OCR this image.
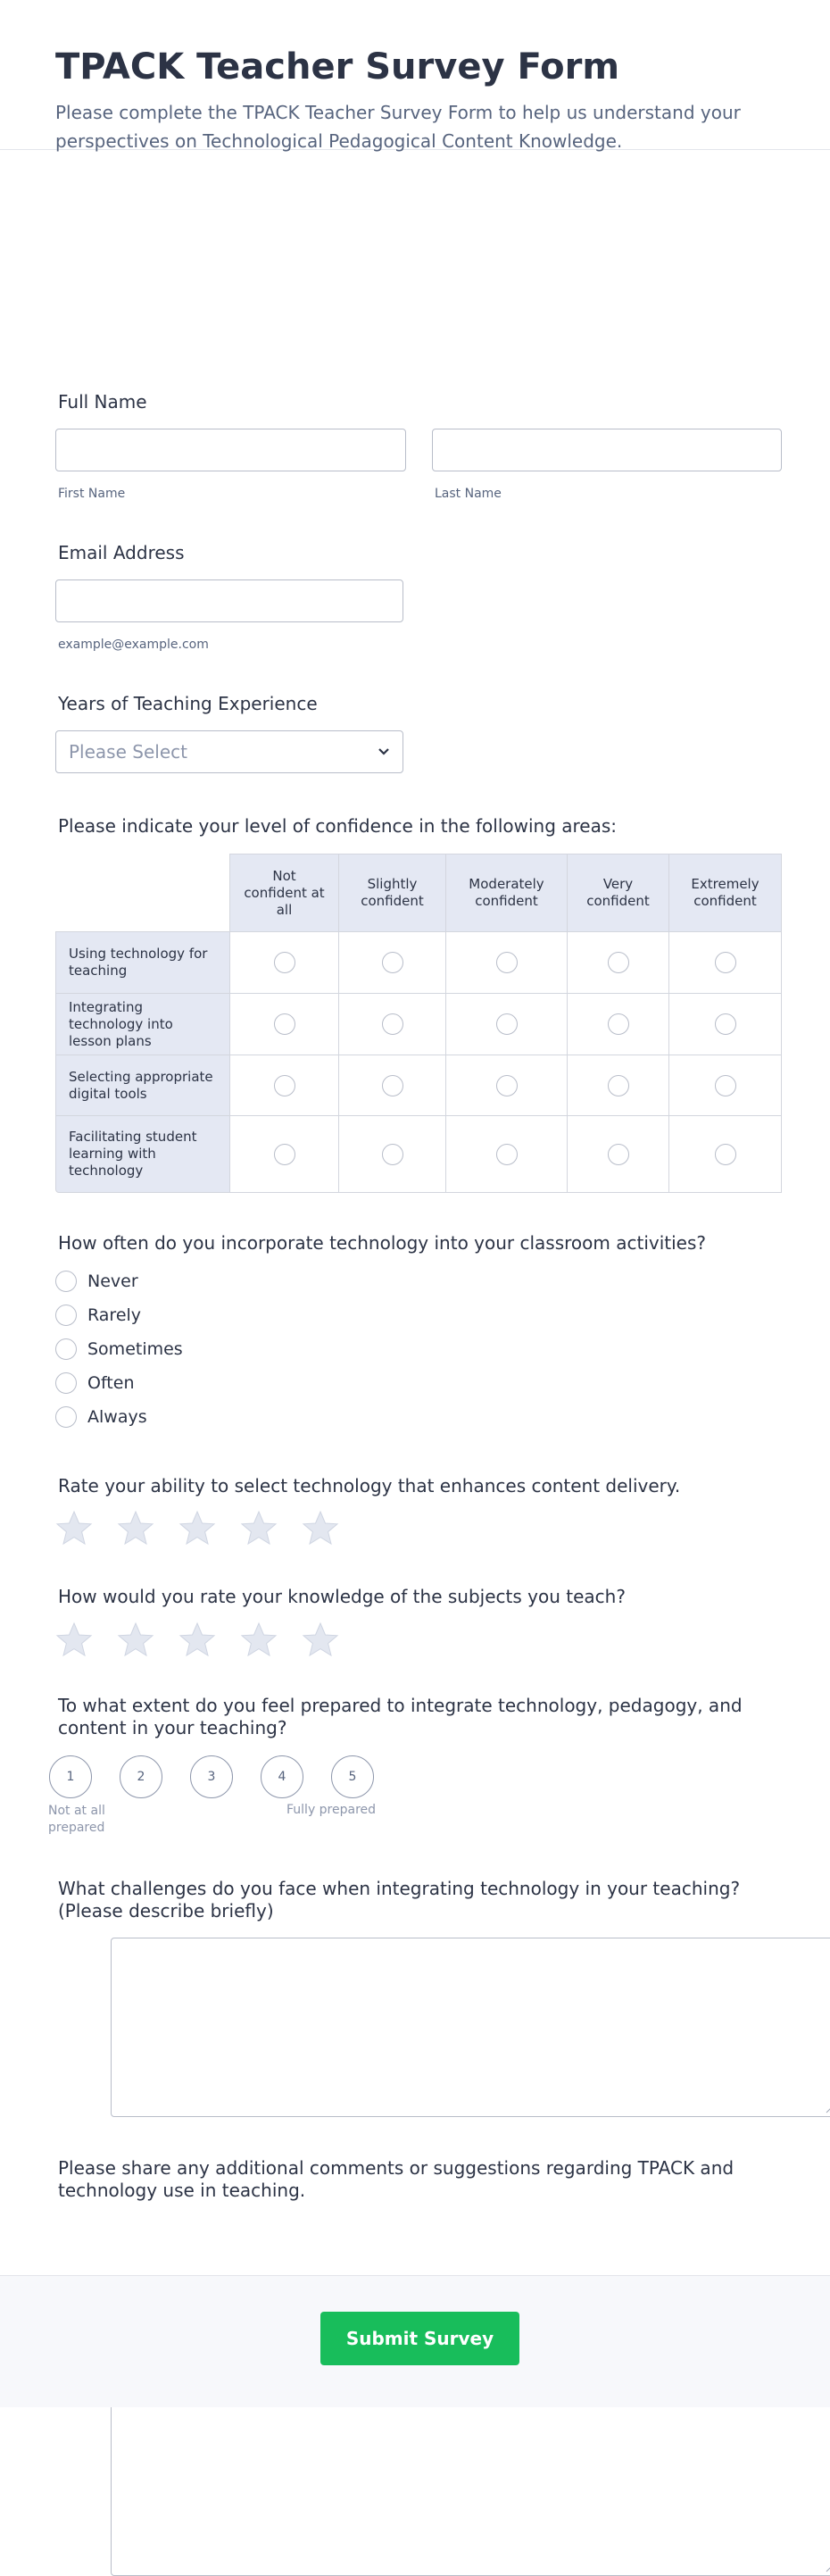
TPACK Teacher Survey Form

Please complete the TPACK Teacher Survey Form to help us understand your perspectives on Technological Pedagogical Content Knowledge.

Full Name
First Name	Last Name
Email Address
example@example.com
Years of Teaching Experience
Please Select
Please indicate your level of confidence in the following areas:
	Not confident at all	Slightly confident	Moderately confident	Very confident	Extremely confident
Using technology for teaching					
Integrating technology into lesson plans					
Selecting appropriate digital tools					
Facilitating student learning with technology					
How often do you incorporate technology into your classroom activities?
Never
Rarely
Sometimes
Often
Always
Rate your ability to select technology that enhances content delivery.
How would you rate your knowledge of the subjects you teach?
To what extent do you feel prepared to integrate technology, pedagogy, and content in your teaching?
1	2	3	4	5
Not at all prepared
Fully prepared
What challenges do you face when integrating technology in your teaching? (Please describe briefly)
Please share any additional comments or suggestions regarding TPACK and technology use in teaching.
Submit Survey
